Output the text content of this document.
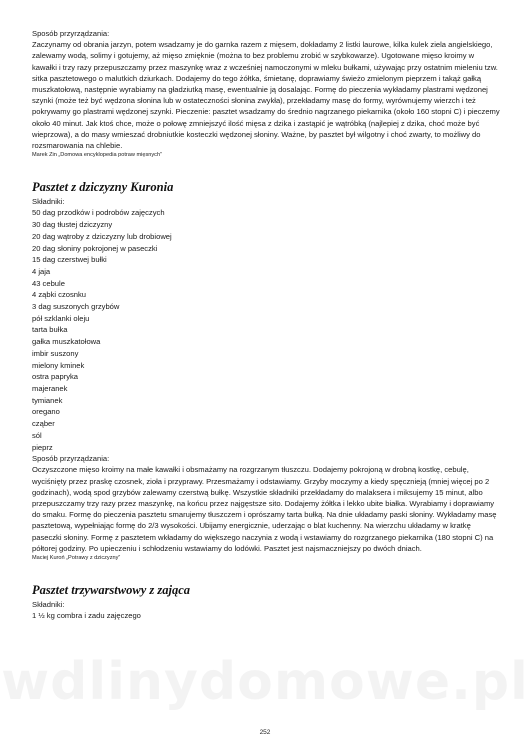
Sposób przyrządzania:

Zaczynamy od obrania jarzyn, potem wsadzamy je do garnka razem z mięsem, dokładamy 2 listki laurowe, kilka kulek ziela angielskiego, zalewamy wodą, solimy i gotujemy, aż mięso zmięknie (można to bez problemu zrobić w szybkowarze). Ugotowane mięso kroimy w kawałki i trzy razy przepuszczamy przez maszynkę wraz z wcześniej namoczonymi w mleku bułkami, używając przy ostatnim mieleniu tzw. sitka pasztetowego o malutkich dziurkach. Dodajemy do tego żółtka, śmietanę, doprawiamy świeżo zmielonym pieprzem i takąż gałką muszkatołową, następnie wyrabiamy na gładziutką masę, ewentualnie ją dosalając. Formę do pieczenia wykładamy plastrami wędzonej szynki (może też być wędzona słonina lub w ostateczności słonina zwykła), przekładamy masę do formy, wyrównujemy wierzch i też pokrywamy go plastrami wędzonej szynki. Pieczenie: pasztet wsadzamy do średnio nagrzanego piekarnika (około 160 stopni C) i pieczemy około 40 minut. Jak ktoś chce, może o połowę zmniejszyć ilość mięsa z dzika i zastąpić je wątróbką (najlepiej z dzika, choć może być wieprzowa), a do masy wmieszać drobniutkie kosteczki wędzonej słoniny. Ważne, by pasztet był wilgotny i choć zwarty, to możliwy do rozsmarowania na chlebie.

Marek Zin „Domowa encyklopedia potraw mięsnych”

Pasztet z dziczyzny Kuronia

Składniki:

50 dag przodków i podrobów zajęczych
30 dag tłustej dziczyzny
20 dag wątroby z dziczyzny lub drobiowej
20 dag słoniny pokrojonej w paseczki
15 dag czerstwej bułki
4 jaja
43 cebule
4 ząbki czosnku
3 dag suszonych grzybów
pół szklanki oleju
tarta bułka
gałka muszkatołowa
imbir suszony
mielony kminek
ostra papryka
majeranek
tymianek
oregano
cząber
sól
pieprz

Sposób przyrządzania:

Oczyszczone mięso kroimy na małe kawałki i obsmażamy na rozgrzanym tłuszczu. Dodajemy pokrojoną w drobną kostkę, cebulę, wyciśnięty przez praskę czosnek, zioła i przyprawy. Przesmażamy i odstawiamy. Grzyby moczymy a kiedy spęcznieją (mniej więcej po 2 godzinach), wodą spod grzybów zalewamy czerstwą bułkę. Wszystkie składniki przekładamy do malaksera i miksujemy 15 minut, albo przepuszczamy trzy razy przez maszynkę, na końcu przez najgęstsze sito. Dodajemy żółtka i lekko ubite białka. Wyrabiamy i doprawiamy do smaku. Formę do pieczenia pasztetu smarujemy tłuszczem i oprószamy tarta bułką. Na dnie układamy paski słoniny. Wykładamy masę pasztetową, wypełniając formę do 2/3 wysokości. Ubijamy energicznie, uderzając o blat kuchenny. Na wierzchu układamy w kratkę paseczki słoniny. Formę z pasztetem wkładamy do większego naczynia z wodą i wstawiamy do rozgrzanego piekarnika (180 stopni C) na półtorej godziny. Po upieczeniu i schłodzeniu wstawiamy do lodówki. Pasztet jest najsmaczniejszy po dwóch dniach.

Maciej Kuroń „Potrawy z dziczyzny”

Pasztet trzywarstwowy z zająca

Składniki:

1 ½ kg combra i zadu zajęczego
252
